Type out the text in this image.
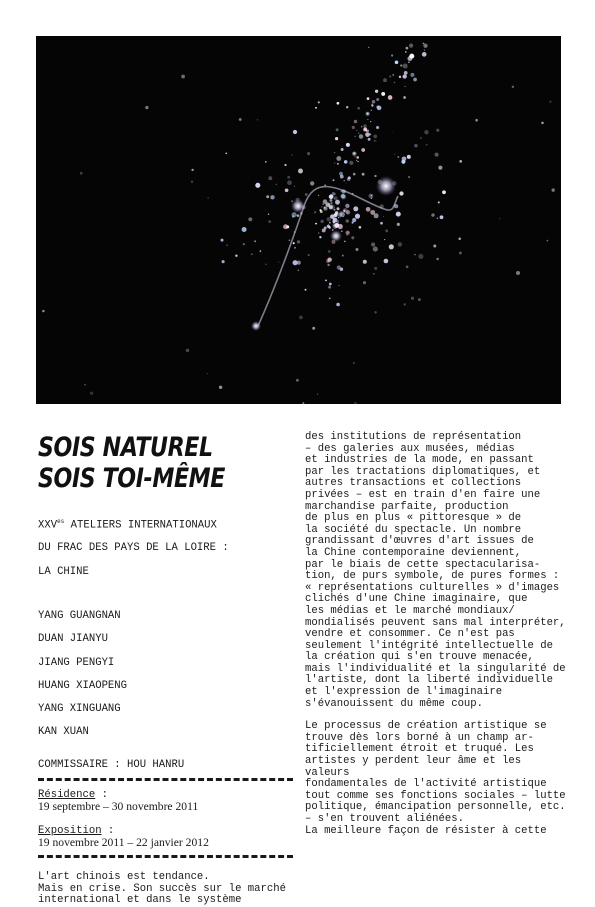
SOIS NATUREL
SOIS TOI-MÊME

$XXV^{es}$ ATELIERS INTERNATIONAUX

DU FRAC DES PAYS DE LA LOIRE :

LA CHINE

YANG GUANGNAN

DUAN JIANYU

JIANG PENGYI

HUANG XIAOPENG

YANG XINGUANG

KAN XUAN

COMMISSAIRE : HOU HANRU

Résidence :

19 septembre – 30 novembre 2011

Exposition :

19 novembre 2011 – 22 janvier 2012

L'art chinois est tendance.
Mais en crise. Son succès sur le marché
international et dans le système

des institutions de représentation
– des galeries aux musées, médias
et industries de la mode, en passant
par les tractations diplomatiques, et
autres transactions et collections
privées – est en train d'en faire une
marchandise parfaite, production
de plus en plus « pittoresque » de
la société du spectacle. Un nombre
grandissant d'œuvres d'art issues de
la Chine contemporaine deviennent,
par le biais de cette spectacularisa-
tion, de purs symbole, de pures formes :
« représentations culturelles » d'images
clichés d'une Chine imaginaire, que
les médias et le marché mondiaux/
mondialisés peuvent sans mal interpréter,
vendre et consommer. Ce n'est pas
seulement l'intégrité intellectuelle de
la création qui s'en trouve menacée,
mais l'individualité et la singularité de
l'artiste, dont la liberté individuelle
et l'expression de l'imaginaire
s'évanouissent du même coup.

Le processus de création artistique se
trouve dès lors borné à un champ ar-
tificiellement étroit et truqué. Les
artistes y perdent leur âme et les valeurs
fondamentales de l'activité artistique
tout comme ses fonctions sociales – lutte
politique, émancipation personnelle, etc.
– s'en trouvent aliénées.
La meilleure façon de résister à cette
